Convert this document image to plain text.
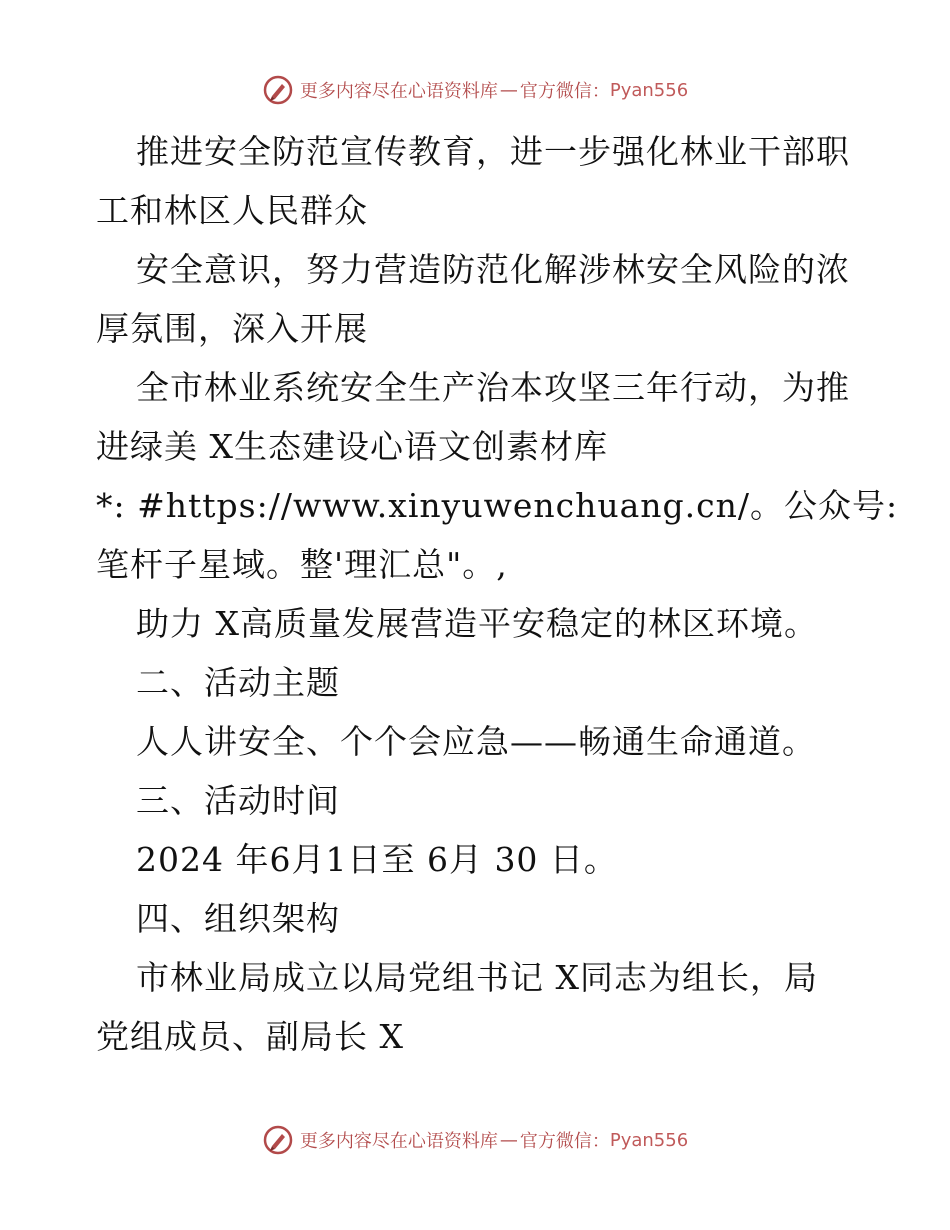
更多内容尽在心语资料库 — 官方微信： Pyan556
推进安全防范宣传教育，进一步强化林业干部职
工和林区人民群众
安全意识，努力营造防范化解涉林安全风险的浓
厚氛围，深入开展
全市林业系统安全生产治本攻坚三年行动，为推
进绿美 X生态建设心语文创素材库
*: #https://www.xinyuwenchuang.cn/。公众号:
笔杆子星域。整'理汇总"。,
助力 X高质量发展营造平安稳定的林区环境。
二、活动主题
人人讲安全、个个会应急——畅通生命通道。
三、活动时间
2024 年6月1日至 6月 30 日。
四、组织架构
市林业局成立以局党组书记 X同志为组长，局
党组成员、副局长 X
更多内容尽在心语资料库 — 官方微信： Pyan556
